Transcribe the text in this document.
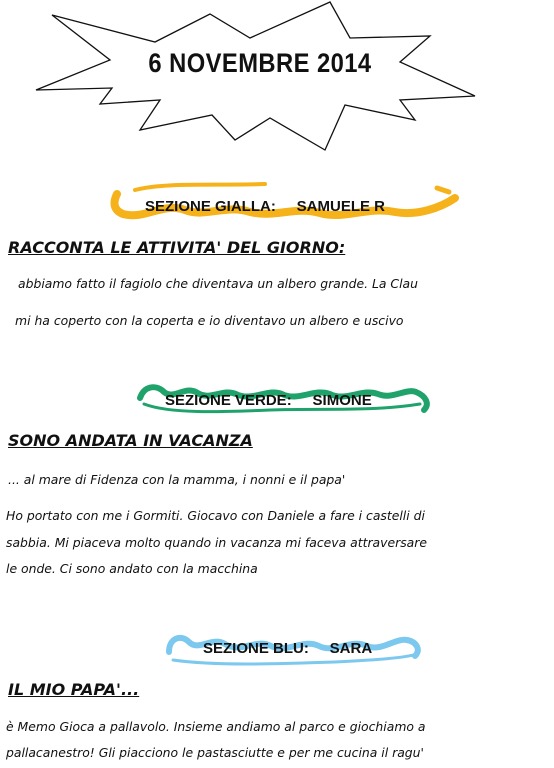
6 NOVEMBRE 2014
SEZIONE GIALLA:     SAMUELE R
RACCONTA LE ATTIVITA' DEL GIORNO:
abbiamo fatto il fagiolo che diventava un albero grande. La Clau
mi ha coperto con la coperta e io diventavo un albero e uscivo
SEZIONE VERDE:     SIMONE
SONO ANDATA IN VACANZA
... al mare di Fidenza con la mamma, i nonni e il papa'
Ho portato con me i Gormiti. Giocavo con Daniele a fare i castelli di
sabbia. Mi piaceva molto quando in vacanza mi faceva attraversare
le onde. Ci sono andato con la macchina
SEZIONE BLU:     SARA
IL MIO PAPA'...
è Memo Gioca a pallavolo. Insieme andiamo al parco e giochiamo a
pallacanestro! Gli piacciono le pastasciutte e per me cucina il ragu'
